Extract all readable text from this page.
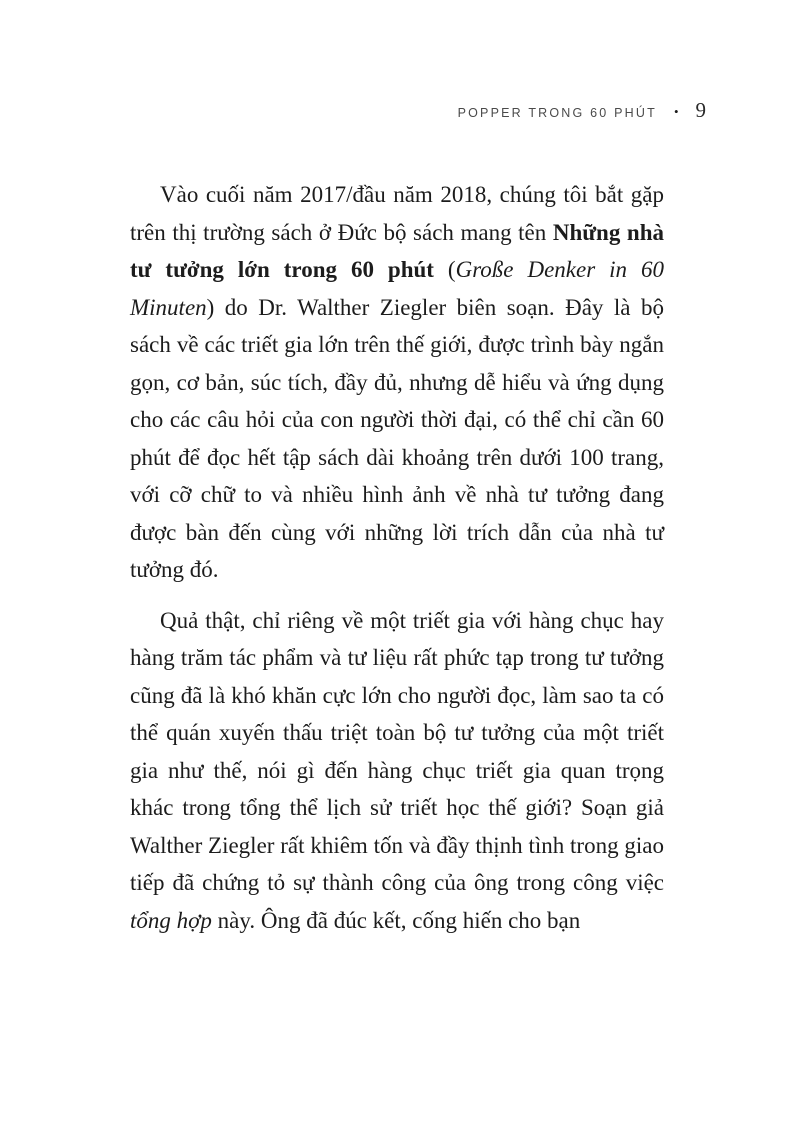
POPPER TRONG 60 PHÚT • 9

Vào cuối năm 2017/đầu năm 2018, chúng tôi bắt gặp trên thị trường sách ở Đức bộ sách mang tên Những nhà tư tưởng lớn trong 60 phút (Große Denker in 60 Minuten) do Dr. Walther Ziegler biên soạn. Đây là bộ sách về các triết gia lớn trên thế giới, được trình bày ngắn gọn, cơ bản, súc tích, đầy đủ, nhưng dễ hiểu và ứng dụng cho các câu hỏi của con người thời đại, có thể chỉ cần 60 phút để đọc hết tập sách dài khoảng trên dưới 100 trang, với cỡ chữ to và nhiều hình ảnh về nhà tư tưởng đang được bàn đến cùng với những lời trích dẫn của nhà tư tưởng đó.

Quả thật, chỉ riêng về một triết gia với hàng chục hay hàng trăm tác phẩm và tư liệu rất phức tạp trong tư tưởng cũng đã là khó khăn cực lớn cho người đọc, làm sao ta có thể quán xuyến thấu triệt toàn bộ tư tưởng của một triết gia như thế, nói gì đến hàng chục triết gia quan trọng khác trong tổng thể lịch sử triết học thế giới? Soạn giả Walther Ziegler rất khiêm tốn và đầy thịnh tình trong giao tiếp đã chứng tỏ sự thành công của ông trong công việc tổng hợp này. Ông đã đúc kết, cống hiến cho bạn
